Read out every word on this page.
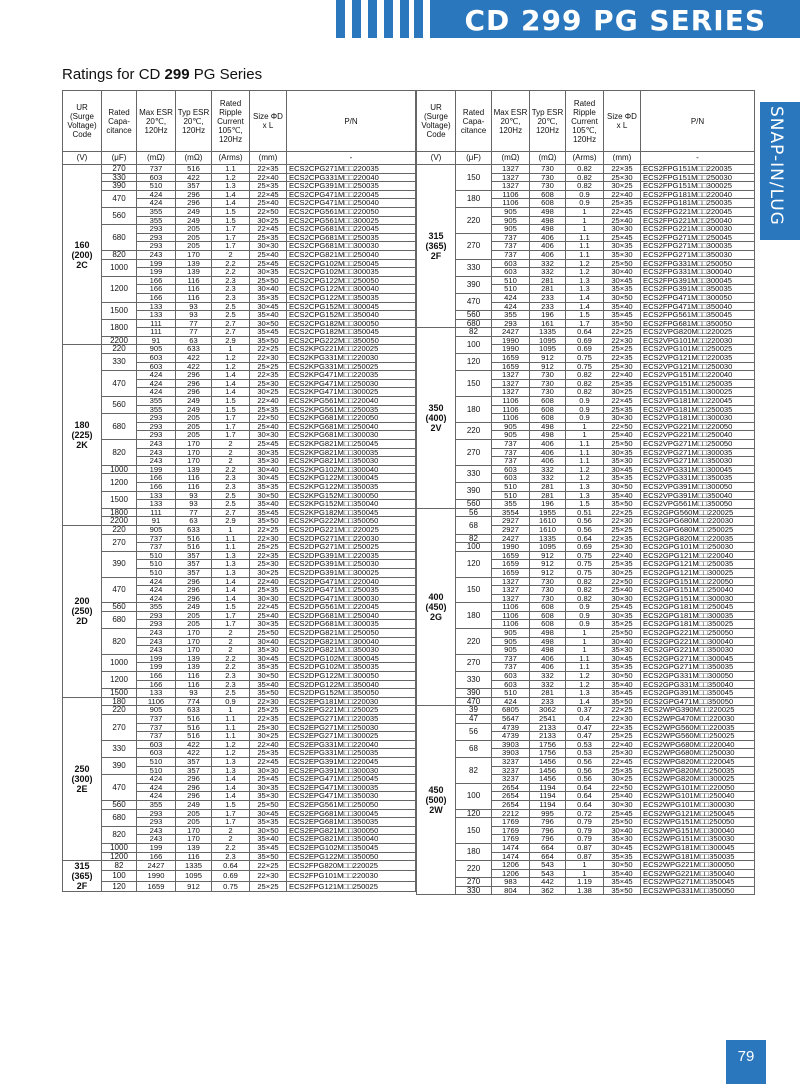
CD 299 PG SERIES
Ratings for CD 299 PG Series
SNAP-IN/LUG
UR
(Surge Voltage) Code	Rated Capa-citance	Max ESR 20℃, 120Hz	Typ ESR 20℃, 120Hz	Rated Ripple Current 105℃, 120Hz	Size ΦD x L	P/N
(V)	(μF)	(mΩ)	(mΩ)	(Arms)	(mm)	-
160
(200)
2C	270	737	516	1.1	22×35	ECS2CPG271M□□220035
	330	603	422	1.2	22×40	ECS2CPG331M□□220040
	390	510	357	1.3	25×35	ECS2CPG391M□□250035
	470	424	296	1.4	22×45	ECS2CPG471M□□220045
		424	296	1.4	25×40	ECS2CPG471M□□250040
	560	355	249	1.5	22×50	ECS2CPG561M□□220050
		355	249	1.5	30×25	ECS2CPG561M□□300025
	680	293	205	1.7	22×45	ECS2CPG681M□□220045
		293	205	1.7	25×35	ECS2CPG681M□□250035
		293	205	1.7	30×30	ECS2CPG681M□□300030
	820	243	170	2	25×40	ECS2CPG821M□□250040
	1000	199	139	2.2	25×45	ECS2CPG102M□□250045
		199	139	2.2	30×35	ECS2CPG102M□□300035
	1200	166	116	2.3	25×50	ECS2CPG122M□□250050
		166	116	2.3	30×40	ECS2CPG122M□□300040
		166	116	2.3	35×35	ECS2CPG122M□□350035
	1500	133	93	2.5	30×45	ECS2CPG152M□□300045
		133	93	2.5	35×40	ECS2CPG152M□□350040
	1800	111	77	2.7	30×50	ECS2CPG182M□□300050
		111	77	2.7	35×45	ECS2CPG182M□□350045
	2200	91	63	2.9	35×50	ECS2CPG222M□□350050
180
(225)
2K	220	905	633	1	22×25	ECS2KPG221M□□220025
	330	603	422	1.2	22×30	ECS2KPG331M□□220030
		603	422	1.2	25×25	ECS2KPG331M□□250025
	470	424	296	1.4	22×35	ECS2KPG471M□□220035
		424	296	1.4	25×30	ECS2KPG471M□□250030
		424	296	1.4	30×25	ECS2KPG471M□□300025
	560	355	249	1.5	22×40	ECS2KPG561M□□220040
		355	249	1.5	25×35	ECS2KPG561M□□250035
	680	293	205	1.7	22×50	ECS2KPG681M□□220050
		293	205	1.7	25×40	ECS2KPG681M□□250040
		293	205	1.7	30×30	ECS2KPG681M□□300030
	820	243	170	2	25×45	ECS2KPG821M□□250045
		243	170	2	30×35	ECS2KPG821M□□300035
		243	170	2	35×30	ECS2KPG821M□□350030
	1000	199	139	2.2	30×40	ECS2KPG102M□□300040
	1200	166	116	2.3	30×45	ECS2KPG122M□□300045
		166	116	2.3	35×35	ECS2KPG122M□□350035
	1500	133	93	2.5	30×50	ECS2KPG152M□□300050
		133	93	2.5	35×40	ECS2KPG152M□□350040
	1800	111	77	2.7	35×45	ECS2KPG182M□□350045
	2200	91	63	2.9	35×50	ECS2KPG222M□□350050
200
(250)
2D	220	905	633	1	22×25	ECS2DPG221M□□220025
	270	737	516	1.1	22×30	ECS2DPG271M□□220030
		737	516	1.1	25×25	ECS2DPG271M□□250025
	390	510	357	1.3	22×35	ECS2DPG391M□□220035
		510	357	1.3	25×30	ECS2DPG391M□□250030
		510	357	1.3	30×25	ECS2DPG391M□□300025
	470	424	296	1.4	22×40	ECS2DPG471M□□220040
		424	296	1.4	25×35	ECS2DPG471M□□250035
		424	296	1.4	30×30	ECS2DPG471M□□300030
	560	355	249	1.5	22×45	ECS2DPG561M□□220045
	680	293	205	1.7	25×40	ECS2DPG681M□□250040
		293	205	1.7	30×35	ECS2DPG681M□□300035
	820	243	170	2	25×50	ECS2DPG821M□□250050
		243	170	2	30×40	ECS2DPG821M□□300040
		243	170	2	35×30	ECS2DPG821M□□350030
	1000	199	139	2.2	30×45	ECS2DPG102M□□300045
		199	139	2.2	35×35	ECS2DPG102M□□350035
	1200	166	116	2.3	30×50	ECS2DPG122M□□300050
		166	116	2.3	35×40	ECS2DPG122M□□350040
	1500	133	93	2.5	35×50	ECS2DPG152M□□350050
250
(300)
2E	180	1106	774	0.9	22×30	ECS2EPG181M□□220030
	220	905	633	1	25×25	ECS2EPG221M□□250025
	270	737	516	1.1	22×35	ECS2EPG271M□□220035
		737	516	1.1	25×30	ECS2EPG271M□□250030
		737	516	1.1	30×25	ECS2EPG271M□□300025
	330	603	422	1.2	22×40	ECS2EPG331M□□220040
		603	422	1.2	25×35	ECS2EPG331M□□250035
	390	510	357	1.3	22×45	ECS2EPG391M□□220045
		510	357	1.3	30×30	ECS2EPG391M□□300030
	470	424	296	1.4	25×45	ECS2EPG471M□□250045
		424	296	1.4	30×35	ECS2EPG471M□□300035
		424	296	1.4	35×30	ECS2EPG471M□□350030
	560	355	249	1.5	25×50	ECS2EPG561M□□250050
	680	293	205	1.7	30×45	ECS2EPG681M□□300045
		293	205	1.7	35×35	ECS2EPG681M□□350035
	820	243	170	2	30×50	ECS2EPG821M□□300050
		243	170	2	35×40	ECS2EPG821M□□350040
	1000	199	139	2.2	35×45	ECS2EPG102M□□350045
	1200	166	116	2.3	35×50	ECS2EPG122M□□350050
315
(365)
2F	82	2427	1335	0.64	22×25	ECS2FPG820M□□220025
	100	1990	1095	0.69	22×30	ECS2FPG101M□□220030
	120	1659	912	0.75	25×25	ECS2FPG121M□□250025
UR
(Surge Voltage) Code	Rated Capa-citance	Max ESR 20℃, 120Hz	Typ ESR 20℃, 120Hz	Rated Ripple Current 105℃, 120Hz	Size ΦD x L	P/N
(V)	(μF)	(mΩ)	(mΩ)	(Arms)	(mm)	-
315
(365)
2F	150	1327	730	0.82	22×35	ECS2FPG151M□□220035
		1327	730	0.82	25×30	ECS2FPG151M□□250030
		1327	730	0.82	30×25	ECS2FPG151M□□300025
	180	1106	608	0.9	22×40	ECS2FPG181M□□220040
		1106	608	0.9	25×35	ECS2FPG181M□□250035
	220	905	498	1	22×45	ECS2FPG221M□□220045
		905	498	1	25×40	ECS2FPG221M□□250040
		905	498	1	30×30	ECS2FPG221M□□300030
	270	737	406	1.1	25×45	ECS2FPG271M□□250045
		737	406	1.1	30×35	ECS2FPG271M□□300035
		737	406	1.1	35×30	ECS2FPG271M□□350030
	330	603	332	1.2	25×50	ECS2FPG331M□□250050
		603	332	1.2	30×40	ECS2FPG331M□□300040
	390	510	281	1.3	30×45	ECS2FPG391M□□300045
		510	281	1.3	35×35	ECS2FPG391M□□350035
	470	424	233	1.4	30×50	ECS2FPG471M□□300050
		424	233	1.4	35×40	ECS2FPG471M□□350040
	560	355	196	1.5	35×45	ECS2FPG561M□□350045
	680	293	161	1.7	35×50	ECS2FPG681M□□350050
350
(400)
2V	82	2427	1335	0.64	22×25	ECS2VPG820M□□220025
	100	1990	1095	0.69	22×30	ECS2VPG101M□□220030
		1990	1095	0.69	25×25	ECS2VPG101M□□250025
	120	1659	912	0.75	22×35	ECS2VPG121M□□220035
		1659	912	0.75	25×30	ECS2VPG121M□□250030
	150	1327	730	0.82	22×40	ECS2VPG151M□□220040
		1327	730	0.82	25×35	ECS2VPG151M□□250035
		1327	730	0.82	30×25	ECS2VPG151M□□300025
	180	1106	608	0.9	22×45	ECS2VPG181M□□220045
		1106	608	0.9	25×35	ECS2VPG181M□□250035
		1106	608	0.9	30×30	ECS2VPG181M□□300030
	220	905	498	1	22×50	ECS2VPG221M□□220050
		905	498	1	25×40	ECS2VPG221M□□250040
	270	737	406	1.1	25×50	ECS2VPG271M□□250050
		737	406	1.1	30×35	ECS2VPG271M□□300035
		737	406	1.1	35×30	ECS2VPG271M□□350030
	330	603	332	1.2	30×45	ECS2VPG331M□□300045
		603	332	1.2	35×35	ECS2VPG331M□□350035
	390	510	281	1.3	30×50	ECS2VPG391M□□300050
		510	281	1.3	35×40	ECS2VPG391M□□350040
	560	355	196	1.5	35×50	ECS2VPG561M□□350050
400
(450)
2G	56	3554	1955	0.51	22×25	ECS2GPG560M□□220025
	68	2927	1610	0.56	22×30	ECS2GPG680M□□220030
		2927	1610	0.56	25×25	ECS2GPG680M□□250025
	82	2427	1335	0.64	22×35	ECS2GPG820M□□220035
	100	1990	1095	0.69	25×30	ECS2GPG101M□□250030
	120	1659	912	0.75	22×40	ECS2GPG121M□□220040
		1659	912	0.75	25×35	ECS2GPG121M□□250035
		1659	912	0.75	30×25	ECS2GPG121M□□300025
	150	1327	730	0.82	22×50	ECS2GPG151M□□220050
		1327	730	0.82	25×40	ECS2GPG151M□□250040
		1327	730	0.82	30×30	ECS2GPG151M□□300030
	180	1106	608	0.9	25×45	ECS2GPG181M□□250045
		1106	608	0.9	30×35	ECS2GPG181M□□300035
		1106	608	0.9	35×25	ECS2GPG181M□□350025
	220	905	498	1	25×50	ECS2GPG221M□□250050
		905	498	1	30×40	ECS2GPG221M□□300040
		905	498	1	35×30	ECS2GPG221M□□350030
	270	737	406	1.1	30×45	ECS2GPG271M□□300045
		737	406	1.1	35×35	ECS2GPG271M□□350035
	330	603	332	1.2	30×50	ECS2GPG331M□□300050
		603	332	1.2	35×40	ECS2GPG331M□□350040
	390	510	281	1.3	35×45	ECS2GPG391M□□350045
	470	424	233	1.4	35×50	ECS2GPG471M□□350050
450
(500)
2W	39	6805	3062	0.37	22×25	ECS2WPG390M□□220025
	47	5647	2541	0.4	22×30	ECS2WPG470M□□220030
	56	4739	2133	0.47	22×35	ECS2WPG560M□□220035
		4739	2133	0.47	25×25	ECS2WPG560M□□250025
	68	3903	1756	0.53	22×40	ECS2WPG680M□□220040
		3903	1756	0.53	25×30	ECS2WPG680M□□250030
	82	3237	1456	0.56	22×45	ECS2WPG820M□□220045
		3237	1456	0.56	25×35	ECS2WPG820M□□250035
		3237	1456	0.56	30×25	ECS2WPG820M□□300025
	100	2654	1194	0.64	22×50	ECS2WPG101M□□220050
		2654	1194	0.64	25×40	ECS2WPG101M□□250040
		2654	1194	0.64	30×30	ECS2WPG101M□□300030
	120	2212	995	0.72	25×45	ECS2WPG121M□□250045
	150	1769	796	0.79	25×50	ECS2WPG151M□□250050
		1769	796	0.79	30×40	ECS2WPG151M□□300040
		1769	796	0.79	35×30	ECS2WPG151M□□350030
	180	1474	664	0.87	30×45	ECS2WPG181M□□300045
		1474	664	0.87	35×35	ECS2WPG181M□□350035
	220	1206	543	1	30×50	ECS2WPG221M□□300050
		1206	543	1	35×40	ECS2WPG221M□□350040
	270	983	442	1.19	35×45	ECS2WPG271M□□350045
	330	804	362	1.38	35×50	ECS2WPG331M□□350050
79
